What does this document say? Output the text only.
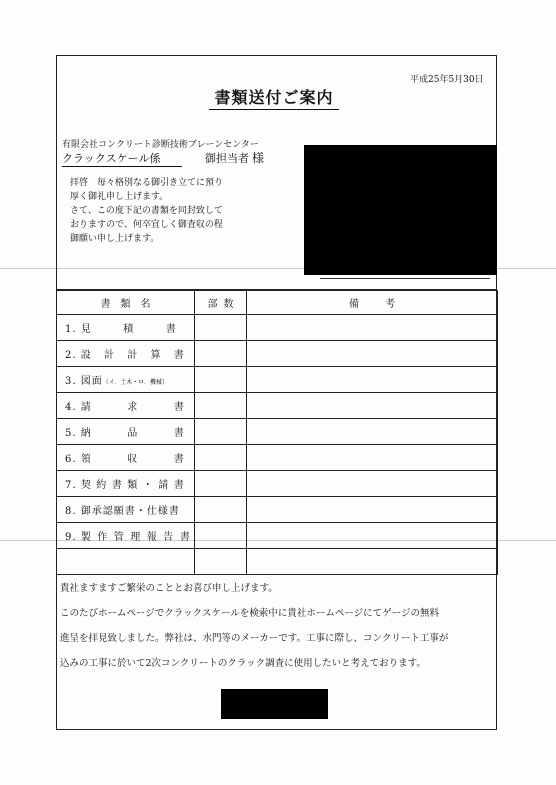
平成25年5月30日
書類送付ご案内
有限会社コンクリート診断技術ブレーンセンター
クラックスケール係	御担当者 様
拝啓　毎々格別なる御引き立てに預り
厚く御礼申し上げます。
さて、この度下記の書類を同封致して
おりますので、何卒宜しく御査収の程
御願い申し上げます。
書類名	部数	備考
1. 見積書		
2. 設計計算書		
3. 図面（イ．土木・ロ．機械）		
4. 請求書		
5. 納品書		
6. 領収書		
7. 契約書類・請書		
8. 御承認願書・仕様書		
9. 製作管理報告書		

貴社ますますご繁栄のこととお喜び申し上げます。
このたびホームページでクラックスケールを検索中に貴社ホームページにてゲージの無料
進呈を拝見致しました。弊社は、水門等のメーカーです。工事に際し、コンクリート工事が
込みの工事に於いて2次コンクリートのクラック調査に使用したいと考えております。
